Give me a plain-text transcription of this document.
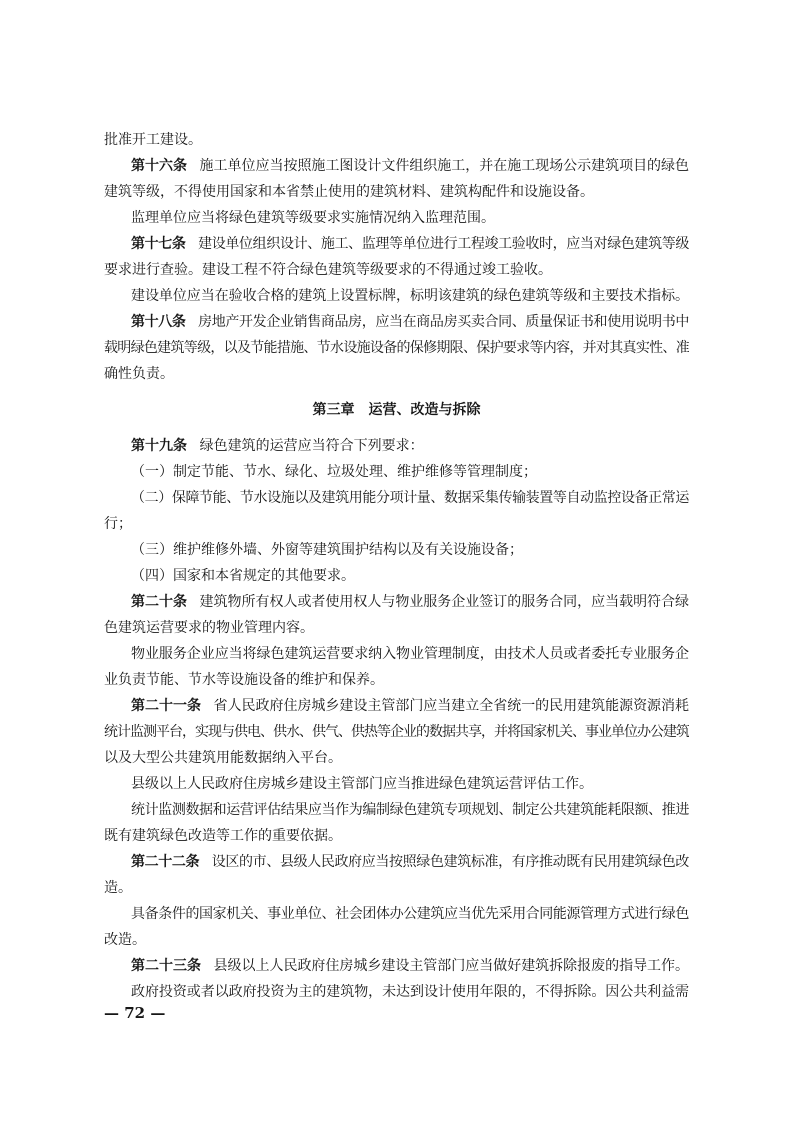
批准开工建设。
第十六条 施工单位应当按照施工图设计文件组织施工，并在施工现场公示建筑项目的绿色
建筑等级，不得使用国家和本省禁止使用的建筑材料、建筑构配件和设施设备。
监理单位应当将绿色建筑等级要求实施情况纳入监理范围。
第十七条 建设单位组织设计、施工、监理等单位进行工程竣工验收时，应当对绿色建筑等级
要求进行查验。建设工程不符合绿色建筑等级要求的不得通过竣工验收。
建设单位应当在验收合格的建筑上设置标牌，标明该建筑的绿色建筑等级和主要技术指标。
第十八条 房地产开发企业销售商品房，应当在商品房买卖合同、质量保证书和使用说明书中
载明绿色建筑等级，以及节能措施、节水设施设备的保修期限、保护要求等内容，并对其真实性、准
确性负责。
第三章 运营、改造与拆除
第十九条 绿色建筑的运营应当符合下列要求：
（一）制定节能、节水、绿化、垃圾处理、维护维修等管理制度；
（二）保障节能、节水设施以及建筑用能分项计量、数据采集传输装置等自动监控设备正常运
行；
（三）维护维修外墙、外窗等建筑围护结构以及有关设施设备；
（四）国家和本省规定的其他要求。
第二十条 建筑物所有权人或者使用权人与物业服务企业签订的服务合同，应当载明符合绿
色建筑运营要求的物业管理内容。
物业服务企业应当将绿色建筑运营要求纳入物业管理制度，由技术人员或者委托专业服务企
业负责节能、节水等设施设备的维护和保养。
第二十一条 省人民政府住房城乡建设主管部门应当建立全省统一的民用建筑能源资源消耗
统计监测平台，实现与供电、供水、供气、供热等企业的数据共享，并将国家机关、事业单位办公建筑
以及大型公共建筑用能数据纳入平台。
县级以上人民政府住房城乡建设主管部门应当推进绿色建筑运营评估工作。
统计监测数据和运营评估结果应当作为编制绿色建筑专项规划、制定公共建筑能耗限额、推进
既有建筑绿色改造等工作的重要依据。
第二十二条 设区的市、县级人民政府应当按照绿色建筑标准，有序推动既有民用建筑绿色改
造。
具备条件的国家机关、事业单位、社会团体办公建筑应当优先采用合同能源管理方式进行绿色
改造。
第二十三条 县级以上人民政府住房城乡建设主管部门应当做好建筑拆除报废的指导工作。
政府投资或者以政府投资为主的建筑物，未达到设计使用年限的，不得拆除。因公共利益需
— 72 —
